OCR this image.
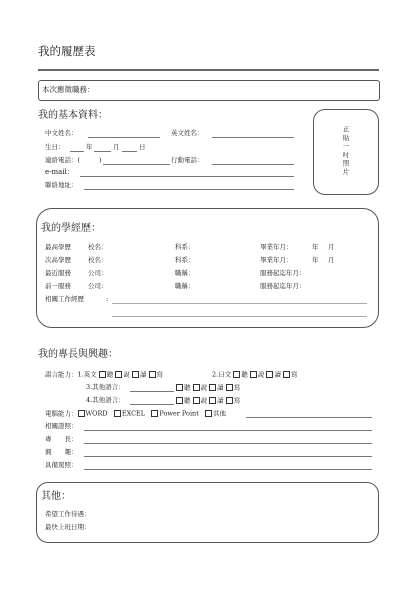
我的履歷表
本次應徵職務：
我的基本資料：
中文姓名：	英文姓名：
生日：	年	月	日
連絡電話：(	)	行動電話：
e-mail：
聯絡地址：
正
貼
一
吋
照
片
我的學經歷：
最高學歷	校名：	科系：	畢業年月：	年 月
次高學歷	校名：	科系：	畢業年月：	年 月
最近服務	公司：	職稱：	服務起迄年月：
前一服務	公司：	職稱：	服務起迄年月：
相關工作經歷	:
我的專長與興趣：
語言能力：1.英文 聽 說 讀 寫	2.日文 聽 說 讀 寫
3.其他語言：	聽 說 讀 寫
4.其他語言：	聽 說 讀 寫
電腦能力： WORD EXCEL Power Point 其他
相關證照：
專　　長：
興　　趣：
具備駕照：
其他：
希望工作待遇：
最快上班日期：
